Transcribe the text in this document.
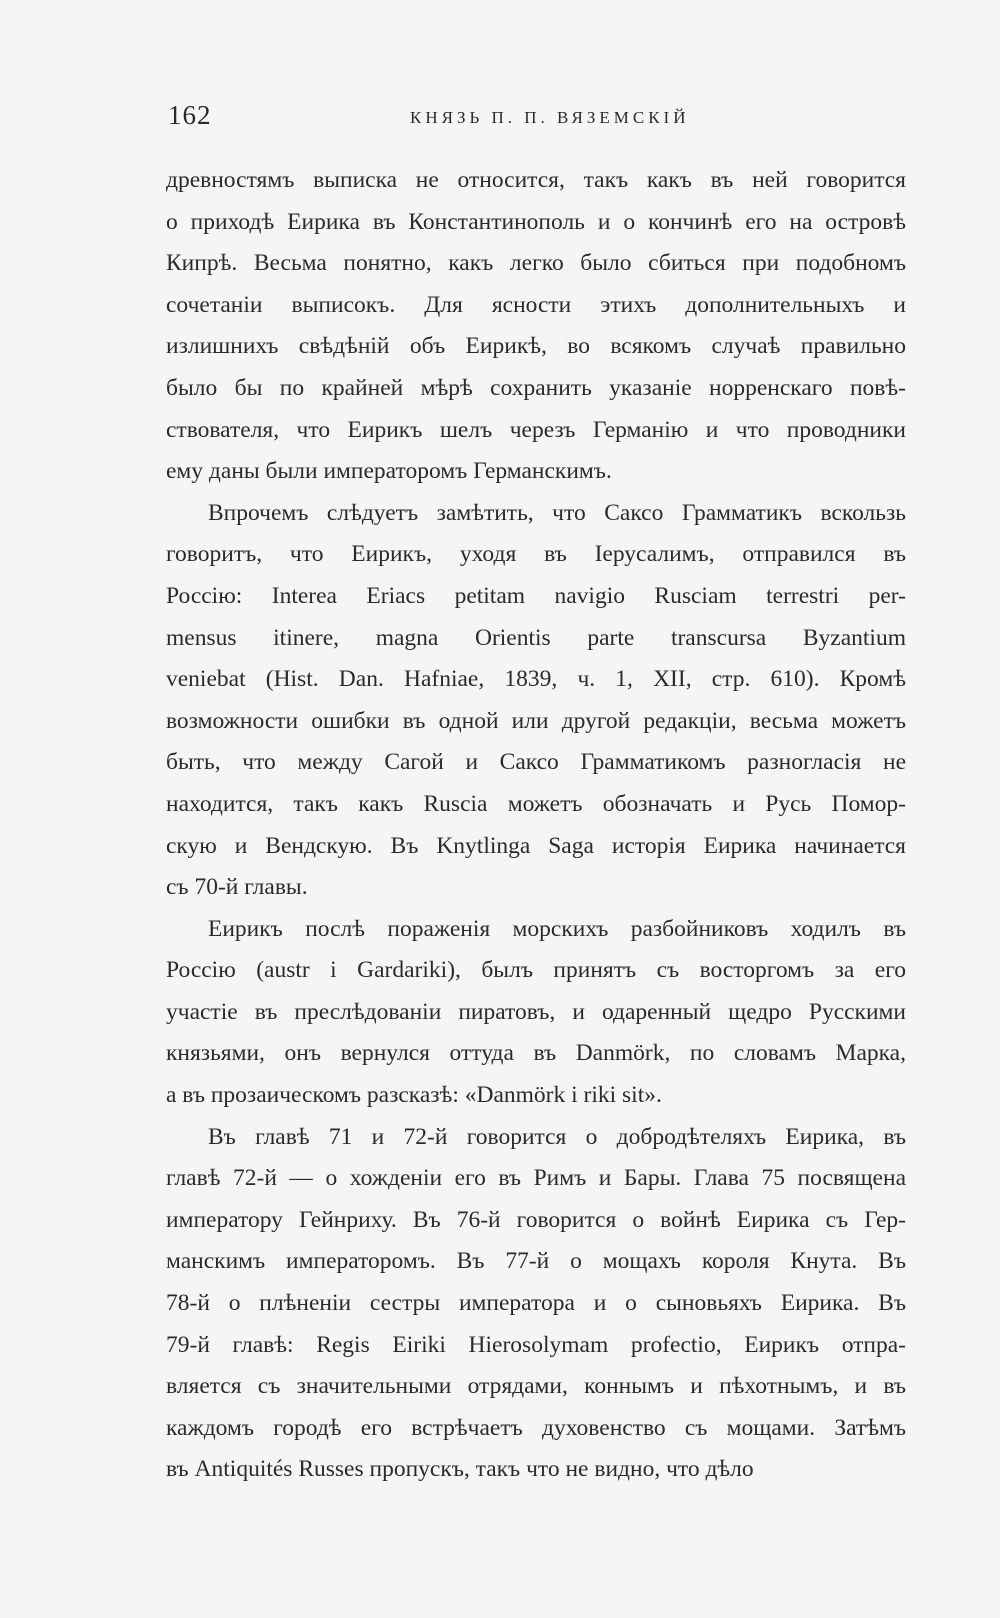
162	КНЯЗЬ П. П. ВЯЗЕМСКІЙ
древностямъ выписка не относится, такъ какъ въ ней говорится
о приходѣ Еирика въ Константинополь и о кончинѣ его на островѣ
Кипрѣ. Весьма понятно, какъ легко было сбиться при подобномъ
сочетаніи выписокъ. Для ясности этихъ дополнительныхъ и
излишнихъ свѣдѣній объ Еирикѣ, во всякомъ случаѣ правильно
было бы по крайней мѣрѣ сохранить указаніе норренскаго повѣ-
ствователя, что Еирикъ шелъ черезъ Германію и что проводники
ему даны были императоромъ Германскимъ.
Впрочемъ слѣдуетъ замѣтить, что Саксо Грамматикъ вскользь
говоритъ, что Еирикъ, уходя въ Іерусалимъ, отправился въ
Россію: Interea Eriacs petitam navigio Rusciam terrestri per-
mensus itinere, magna Orientis parte transcursa Byzantium
veniebat (Hist. Dan. Hafniae, 1839, ч. 1, XII, стр. 610). Кромѣ
возможности ошибки въ одной или другой редакціи, весьма можетъ
быть, что между Сагой и Саксо Грамматикомъ разногласія не
находится, такъ какъ Ruscia можетъ обозначать и Русь Помор-
скую и Вендскую. Въ Knytlinga Saga исторія Еирика начинается
съ 70-й главы.
Еирикъ послѣ пораженія морскихъ разбойниковъ ходилъ въ
Россію (austr i Gardariki), былъ принятъ съ восторгомъ за его
участіе въ преслѣдованіи пиратовъ, и одаренный щедро Русскими
князьями, онъ вернулся оттуда въ Danmörk, по словамъ Марка,
а въ прозаическомъ разсказѣ: «Danmörk i riki sit».
Въ главѣ 71 и 72-й говорится о добродѣтеляхъ Еирика, въ
главѣ 72-й — о хожденіи его въ Римъ и Бары. Глава 75 посвящена
императору Гейнриху. Въ 76-й говорится о войнѣ Еирика съ Гер-
манскимъ императоромъ. Въ 77-й о мощахъ короля Кнута. Въ
78-й о плѣненіи сестры императора и о сыновьяхъ Еирика. Въ
79-й главѣ: Regis Eiriki Hierosolymam profectio, Еирикъ отпра-
вляется съ значительными отрядами, коннымъ и пѣхотнымъ, и въ
каждомъ городѣ его встрѣчаетъ духовенство съ мощами. Затѣмъ
въ Antiquités Russes пропускъ, такъ что не видно, что дѣло
